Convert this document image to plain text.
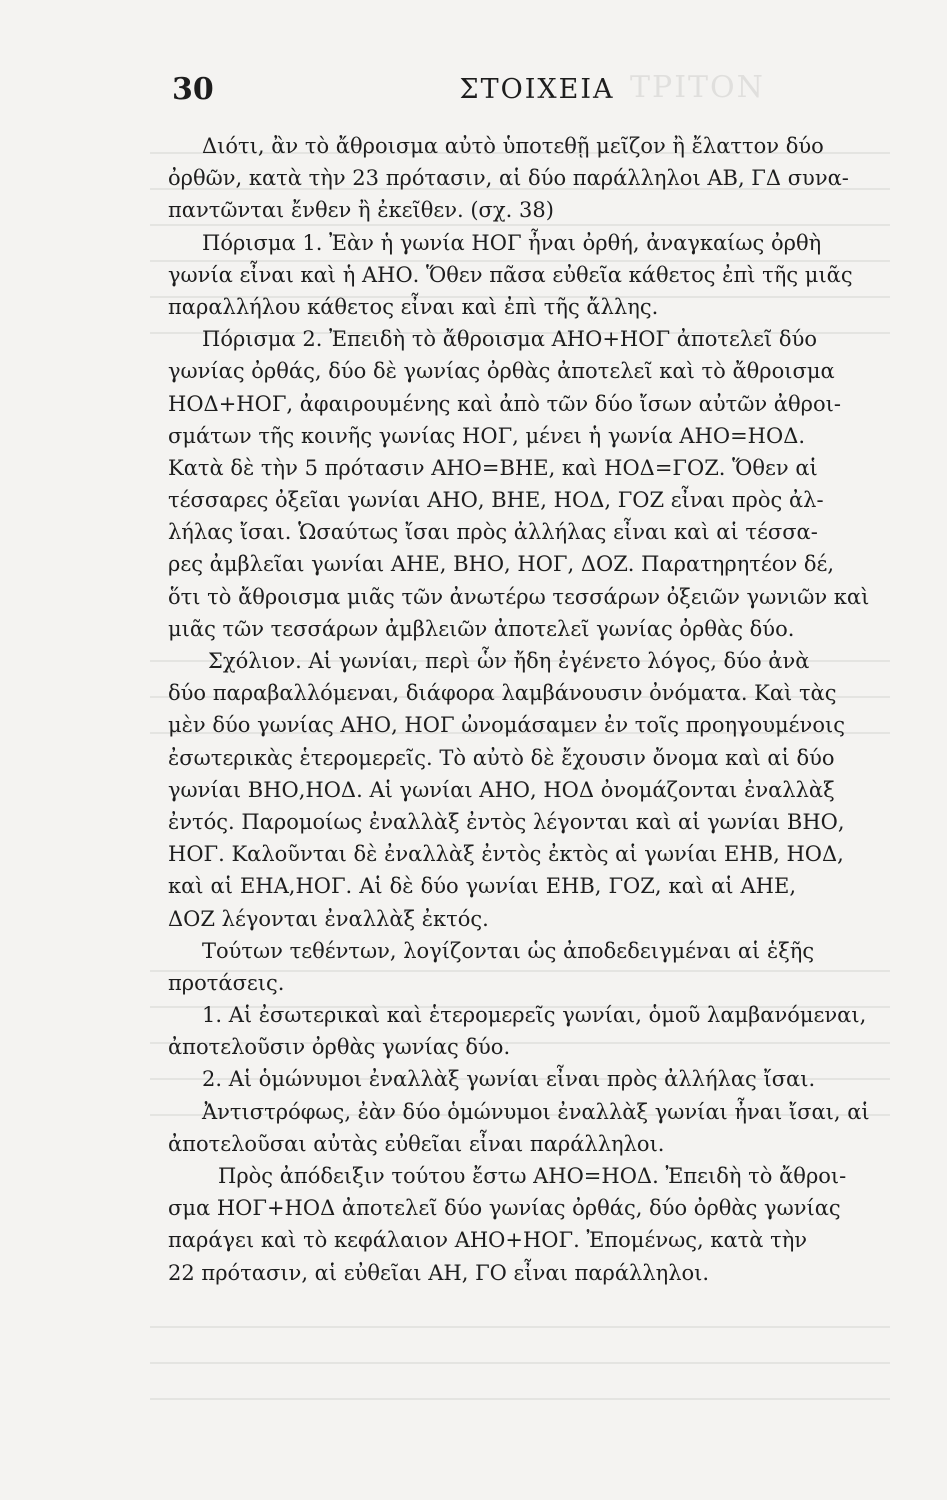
ΤΡΙΤΟΝ
30	ΣΤΟΙΧΕΙΑ
Διότι, ἂν τὸ ἄθροισμα αὐτὸ ὑποτεθῇ μεῖζον ἢ ἔλαττον δύο
ὀρθῶν, κατὰ τὴν 23 πρότασιν, αἱ δύο παράλληλοι ΑΒ, ΓΔ συνα-
παντῶνται ἔνθεν ἢ ἐκεῖθεν. (σχ. 38)
Πόρισμα 1. Ἐὰν ἡ γωνία ΗΟΓ ἦναι ὀρθή, ἀναγκαίως ὀρθὴ
γωνία εἶναι καὶ ἡ ΑΗΟ. Ὅθεν πᾶσα εὐθεῖα κάθετος ἐπὶ τῆς μιᾶς
παραλλήλου κάθετος εἶναι καὶ ἐπὶ τῆς ἄλλης.
Πόρισμα 2. Ἐπειδὴ τὸ ἄθροισμα ΑΗΟ+ΗΟΓ ἀποτελεῖ δύο
γωνίας ὀρθάς, δύο δὲ γωνίας ὀρθὰς ἀποτελεῖ καὶ τὸ ἄθροισμα
ΗΟΔ+ΗΟΓ, ἀφαιρουμένης καὶ ἀπὸ τῶν δύο ἴσων αὐτῶν ἀθροι-
σμάτων τῆς κοινῆς γωνίας ΗΟΓ, μένει ἡ γωνία ΑΗΟ=ΗΟΔ.
Κατὰ δὲ τὴν 5 πρότασιν ΑΗΟ=ΒΗΕ, καὶ ΗΟΔ=ΓΟΖ. Ὅθεν αἱ
τέσσαρες ὀξεῖαι γωνίαι ΑΗΟ, ΒΗΕ, ΗΟΔ, ΓΟΖ εἶναι πρὸς ἀλ-
λήλας ἴσαι. Ὡσαύτως ἴσαι πρὸς ἀλλήλας εἶναι καὶ αἱ τέσσα-
ρες ἀμβλεῖαι γωνίαι ΑΗΕ, ΒΗΟ, ΗΟΓ, ΔΟΖ. Παρατηρητέον δέ,
ὅτι τὸ ἄθροισμα μιᾶς τῶν ἀνωτέρω τεσσάρων ὀξειῶν γωνιῶν καὶ
μιᾶς τῶν τεσσάρων ἀμβλειῶν ἀποτελεῖ γωνίας ὀρθὰς δύο.
Σχόλιον. Αἱ γωνίαι, περὶ ὧν ἤδη ἐγένετο λόγος, δύο ἀνὰ
δύο παραβαλλόμεναι, διάφορα λαμβάνουσιν ὀνόματα. Καὶ τὰς
μὲν δύο γωνίας ΑΗΟ, ΗΟΓ ὠνομάσαμεν ἐν τοῖς προηγουμένοις
ἐσωτερικὰς ἑτερομερεῖς. Τὸ αὐτὸ δὲ ἔχουσιν ὄνομα καὶ αἱ δύο
γωνίαι ΒΗΟ,ΗΟΔ. Αἱ γωνίαι ΑΗΟ, ΗΟΔ ὀνομάζονται ἐναλλὰξ
ἐντός. Παρομοίως ἐναλλὰξ ἐντὸς λέγονται καὶ αἱ γωνίαι ΒΗΟ,
ΗΟΓ. Καλοῦνται δὲ ἐναλλὰξ ἐντὸς ἐκτὸς αἱ γωνίαι ΕΗΒ, ΗΟΔ,
καὶ αἱ ΕΗΑ,ΗΟΓ. Αἱ δὲ δύο γωνίαι ΕΗΒ, ΓΟΖ, καὶ αἱ ΑΗΕ,
ΔΟΖ λέγονται ἐναλλὰξ ἐκτός.
Τούτων τεθέντων, λογίζονται ὡς ἀποδεδειγμέναι αἱ ἑξῆς
προτάσεις.
1. Αἱ ἐσωτερικαὶ καὶ ἑτερομερεῖς γωνίαι, ὁμοῦ λαμβανόμεναι,
ἀποτελοῦσιν ὀρθὰς γωνίας δύο.
2. Αἱ ὁμώνυμοι ἐναλλὰξ γωνίαι εἶναι πρὸς ἀλλήλας ἴσαι.
Ἀντιστρόφως, ἐὰν δύο ὁμώνυμοι ἐναλλὰξ γωνίαι ἦναι ἴσαι, αἱ
ἀποτελοῦσαι αὐτὰς εὐθεῖαι εἶναι παράλληλοι.
Πρὸς ἀπόδειξιν τούτου ἔστω ΑΗΟ=ΗΟΔ. Ἐπειδὴ τὸ ἄθροι-
σμα ΗΟΓ+ΗΟΔ ἀποτελεῖ δύο γωνίας ὀρθάς, δύο ὀρθὰς γωνίας
παράγει καὶ τὸ κεφάλαιον ΑΗΟ+ΗΟΓ. Ἐπομένως, κατὰ τὴν
22 πρότασιν, αἱ εὐθεῖαι ΑΗ, ΓΟ εἶναι παράλληλοι.
